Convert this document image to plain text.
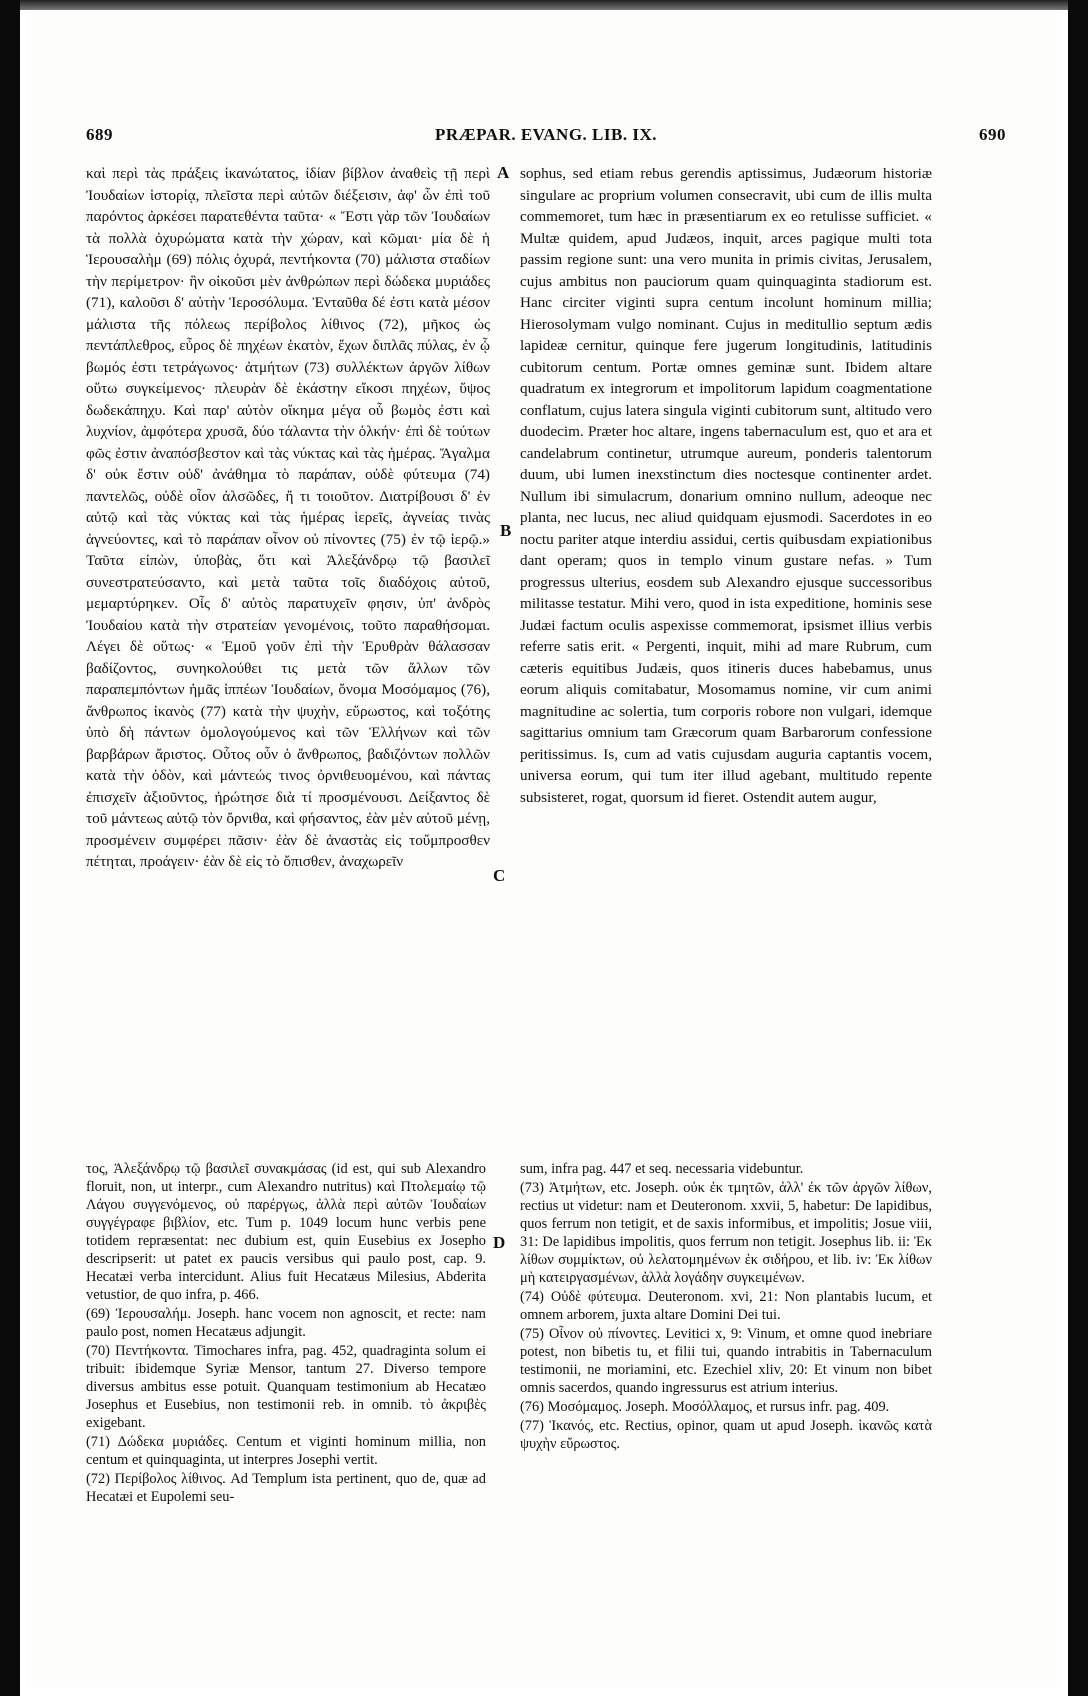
689	PRÆPAR. EVANG. LIB. IX.	690
καὶ περὶ τὰς πράξεις ἱκανώτατος, ἰδίαν βίβλον ἀναθεὶς τῇ περὶ Ἰουδαίων ἱστορίᾳ, πλεῖστα περὶ αὐτῶν διέξεισιν, ἀφ' ὧν ἐπὶ τοῦ παρόντος ἀρκέσει παρατεθέντα ταῦτα· « Ἔστι γὰρ τῶν Ἰουδαίων τὰ πολλὰ ὀχυρώματα κατὰ τὴν χώραν, καὶ κῶμαι· μία δὲ ἡ Ἱερουσαλὴμ (69) πόλις ὀχυρά, πεντήκοντα (70) μάλιστα σταδίων τὴν περίμετρον· ἣν οἰκοῦσι μὲν ἀνθρώπων περὶ δώδεκα μυριάδες (71), καλοῦσι δ' αὐτὴν Ἱεροσόλυμα. Ἐνταῦθα δέ ἐστι κατὰ μέσον μάλιστα τῆς πόλεως περίβολος λίθινος (72), μῆκος ὡς πεντάπλεθρος, εὖρος δὲ πηχέων ἑκατὸν, ἔχων διπλᾶς πύλας, ἐν ᾧ βωμός ἐστι τετράγωνος· ἀτμήτων (73) συλλέκτων ἀργῶν λίθων οὕτω συγκείμενος· πλευρὰν δὲ ἑκάστην εἴκοσι πηχέων, ὕψος δωδεκάπηχυ. Καὶ παρ' αὐτὸν οἴκημα μέγα οὗ βωμὸς ἐστι καὶ λυχνίον, ἀμφότερα χρυσᾶ, δύο τάλαντα τὴν ὁλκήν· ἐπὶ δὲ τούτων φῶς ἐστιν ἀναπόσβεστον καὶ τὰς νύκτας καὶ τὰς ἡμέρας. Ἄγαλμα δ' οὐκ ἔστιν οὐδ' ἀνάθημα τὸ παράπαν, οὐδὲ φύτευμα (74) παντελῶς, οὐδὲ οἷον ἀλσῶδες, ἤ τι τοιοῦτον. Διατρίβουσι δ' ἐν αὐτῷ καὶ τὰς νύκτας καὶ τὰς ἡμέρας ἱερεῖς, ἁγνείας τινὰς ἁγνεύοντες, καὶ τὸ παράπαν οἶνον οὐ πίνοντες (75) ἐν τῷ ἱερῷ.» Ταῦτα εἰπὼν, ὑποβὰς, ὅτι καὶ Ἀλεξάνδρῳ τῷ βασιλεῖ συνεστρατεύσαντο, καὶ μετὰ ταῦτα τοῖς διαδόχοις αὐτοῦ, μεμαρτύρηκεν. Οἷς δ' αὐτὸς παρατυχεῖν φησιν, ὑπ' ἀνδρὸς Ἰουδαίου κατὰ τὴν στρατείαν γενομένοις, τοῦτο παραθήσομαι. Λέγει δὲ οὕτως· « Ἐμοῦ γοῦν ἐπὶ τὴν Ἐρυθρὰν θάλασσαν βαδίζοντος, συνηκολούθει τις μετὰ τῶν ἄλλων τῶν παραπεμπόντων ἡμᾶς ἱππέων Ἰουδαίων, ὄνομα Μοσόμαμος (76), ἄνθρωπος ἱκανὸς (77) κατὰ τὴν ψυχὴν, εὔρωστος, καὶ τοξότης ὑπὸ δὴ πάντων ὁμολογούμενος καὶ τῶν Ἑλλήνων καὶ τῶν βαρβάρων ἄριστος. Οὗτος οὖν ὁ ἄνθρωπος, βαδιζόντων πολλῶν κατὰ τὴν ὁδὸν, καὶ μάντεώς τινος ὀρνιθευομένου, καὶ πάντας ἐπισχεῖν ἀξιοῦντος, ἠρώτησε διὰ τί προσμένουσι. Δείξαντος δὲ τοῦ μάντεως αὐτῷ τὸν ὄρνιθα, καὶ φήσαντος, ἐὰν μὲν αὐτοῦ μένῃ, προσμένειν συμφέρει πᾶσιν· ἐὰν δὲ ἀναστὰς εἰς τοὔμπροσθεν πέτηται, προάγειν· ἐὰν δὲ εἰς τὸ ὄπισθεν, ἀναχωρεῖν
A
B
C
D
sophus, sed etiam rebus gerendis aptissimus, Judæorum historiæ singulare ac proprium volumen consecravit, ubi cum de illis multa commemoret, tum hæc in præsentiarum ex eo retulisse sufficiet. « Multæ quidem, apud Judæos, inquit, arces pagique multi tota passim regione sunt: una vero munita in primis civitas, Jerusalem, cujus ambitus non pauciorum quam quinquaginta stadiorum est. Hanc circiter viginti supra centum incolunt hominum millia; Hierosolymam vulgo nominant. Cujus in meditullio septum ædis lapideæ cernitur, quinque fere jugerum longitudinis, latitudinis cubitorum centum. Portæ omnes geminæ sunt. Ibidem altare quadratum ex integrorum et impolitorum lapidum coagmentatione conflatum, cujus latera singula viginti cubitorum sunt, altitudo vero duodecim. Præter hoc altare, ingens tabernaculum est, quo et ara et candelabrum continetur, utrumque aureum, ponderis talentorum duum, ubi lumen inexstinctum dies noctesque continenter ardet. Nullum ibi simulacrum, donarium omnino nullum, adeoque nec planta, nec lucus, nec aliud quidquam ejusmodi. Sacerdotes in eo noctu pariter atque interdiu assidui, certis quibusdam expiationibus dant operam; quos in templo vinum gustare nefas. » Tum progressus ulterius, eosdem sub Alexandro ejusque successoribus militasse testatur. Mihi vero, quod in ista expeditione, hominis sese Judæi factum oculis aspexisse commemorat, ipsismet illius verbis referre satis erit. « Pergenti, inquit, mihi ad mare Rubrum, cum cæteris equitibus Judæis, quos itineris duces habebamus, unus eorum aliquis comitabatur, Mosomamus nomine, vir cum animi magnitudine ac solertia, tum corporis robore non vulgari, idemque sagittarius omnium tam Græcorum quam Barbarorum confessione peritissimus. Is, cum ad vatis cujusdam auguria captantis vocem, universa eorum, qui tum iter illud agebant, multitudo repente subsisteret, rogat, quorsum id fieret. Ostendit autem augur,

τος, Ἀλεξάνδρῳ τῷ βασιλεῖ συνακμάσας (id est, qui sub Alexandro floruit, non, ut interpr., cum Alexandro nutritus) καὶ Πτολεμαίῳ τῷ Λάγου συγγενόμενος, οὐ παρέργως, ἀλλὰ περὶ αὐτῶν Ἰουδαίων συγγέγραφε βιβλίον, etc. Tum p. 1049 locum hunc verbis pene totidem repræsentat: nec dubium est, quin Eusebius ex Josepho descripserit: ut patet ex paucis versibus qui paulo post, cap. 9. Hecatæi verba intercidunt. Alius fuit Hecatæus Milesius, Abderita vetustior, de quo infra, p. 466.

(69) Ἱερουσαλήμ. Joseph. hanc vocem non agnoscit, et recte: nam paulo post, nomen Hecatæus adjungit.

(70) Πεντήκοντα. Timochares infra, pag. 452, quadraginta solum ei tribuit: ibidemque Syriæ Mensor, tantum 27. Diverso tempore diversus ambitus esse potuit. Quanquam testimonium ab Hecatæo Josephus et Eusebius, non testimonii reb. in omnib. τὸ ἀκριβὲς exigebant.

(71) Δώδεκα μυριάδες. Centum et viginti hominum millia, non centum et quinquaginta, ut interpres Josephi vertit.

(72) Περίβολος λίθινος. Ad Templum ista pertinent, quo de, quæ ad Hecatæi et Eupolemi seu-

sum, infra pag. 447 et seq. necessaria videbuntur.

(73) Ἀτμήτων, etc. Joseph. οὐκ ἐκ τμητῶν, ἀλλ' ἐκ τῶν ἀργῶν λίθων, rectius ut videtur: nam et Deuteronom. xxvii, 5, habetur: De lapidibus, quos ferrum non tetigit, et de saxis informibus, et impolitis; Josue viii, 31: De lapidibus impolitis, quos ferrum non tetigit. Josephus lib. ii: Ἐκ λίθων συμμίκτων, οὐ λελατομημένων ἐκ σιδήρου, et lib. iv: Ἐκ λίθων μὴ κατειργασμένων, ἀλλὰ λογάδην συγκειμένων.

(74) Οὐδὲ φύτευμα. Deuteronom. xvi, 21: Non plantabis lucum, et omnem arborem, juxta altare Domini Dei tui.

(75) Οἶνον οὐ πίνοντες. Levitici x, 9: Vinum, et omne quod inebriare potest, non bibetis tu, et filii tui, quando intrabitis in Tabernaculum testimonii, ne moriamini, etc. Ezechiel xliv, 20: Et vinum non bibet omnis sacerdos, quando ingressurus est atrium interius.

(76) Μοσόμαμος. Joseph. Μοσόλλαμος, et rursus infr. pag. 409.

(77) Ἱκανός, etc. Rectius, opinor, quam ut apud Joseph. ἱκανῶς κατὰ ψυχὴν εὔρωστος.
